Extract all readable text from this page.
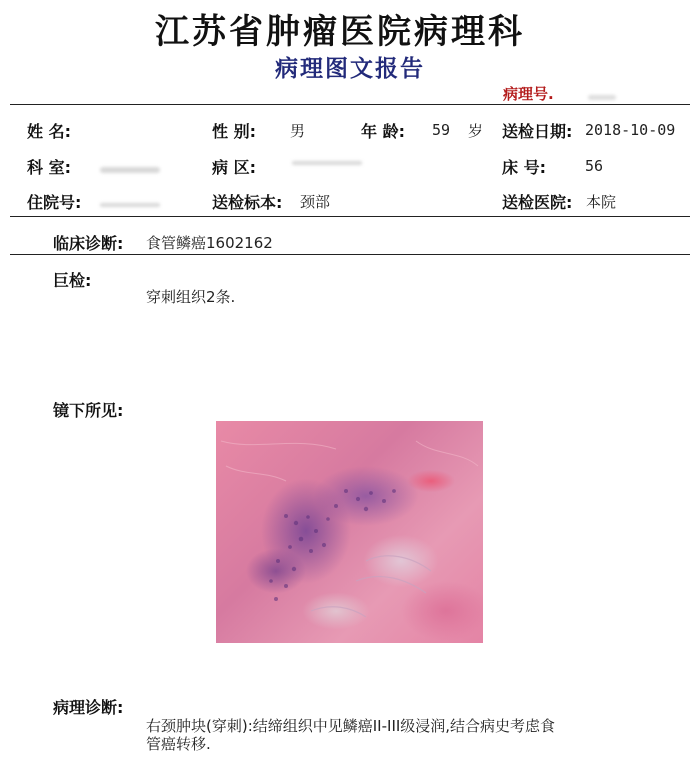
江苏省肿瘤医院病理科
病理图文报告
病理号.
姓 名:	性 别: 男	年 龄: 59 岁 送检日期: 2018-10-09
科 室:	病 区:	床 号:	56
住院号:	送检标本: 颈部	送检医院: 本院
临床诊断: 食管鳞癌1602162
巨检:
穿刺组织2条.
镜下所见:
病理诊断:
右颈肿块(穿刺):结缔组织中见鳞癌II-III级浸润,结合病史考虑食
管癌转移.
